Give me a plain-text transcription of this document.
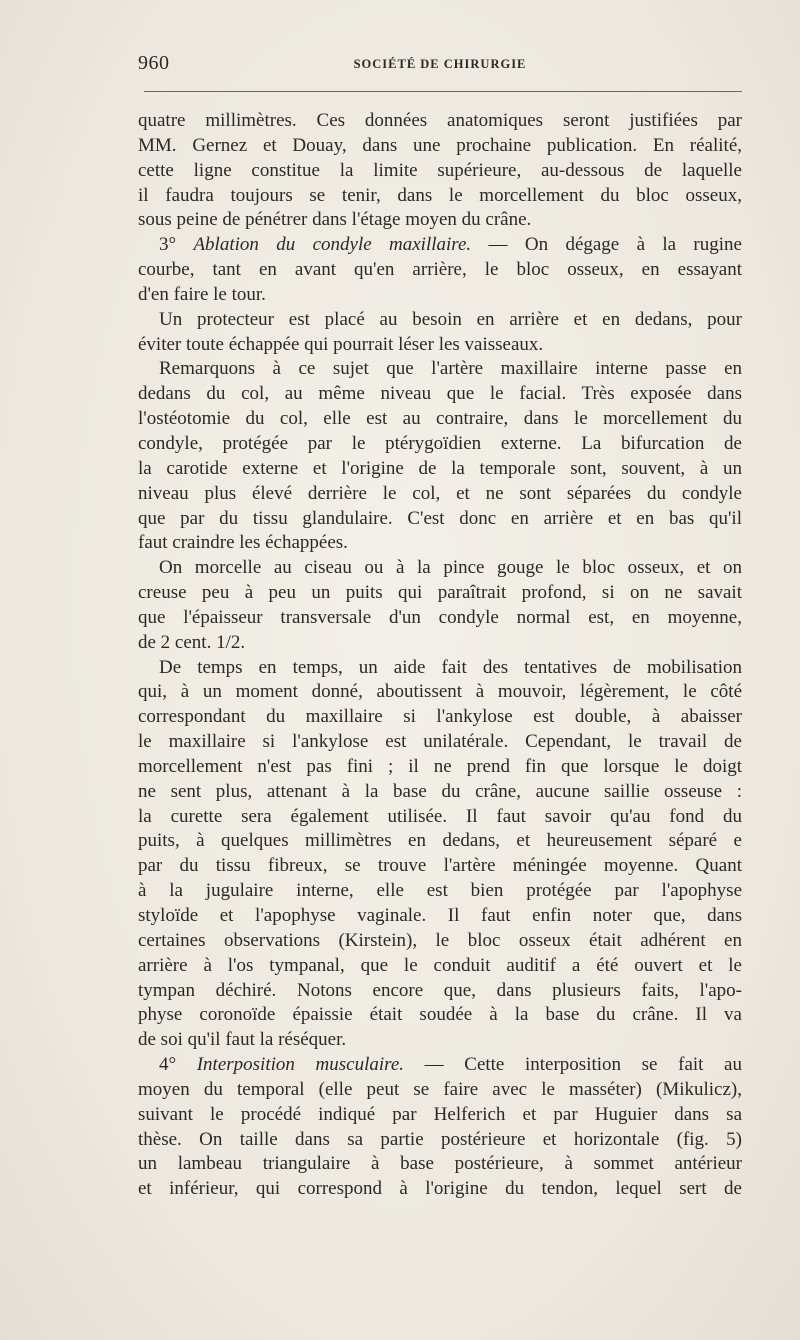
960	SOCIÉTÉ DE CHIRURGIE
quatre millimètres. Ces données anatomiques seront justifiées par
MM. Gernez et Douay, dans une prochaine publication. En réalité,
cette ligne constitue la limite supérieure, au-dessous de laquelle
il faudra toujours se tenir, dans le morcellement du bloc osseux,
sous peine de pénétrer dans l'étage moyen du crâne.
3° Ablation du condyle maxillaire. — On dégage à la rugine
courbe, tant en avant qu'en arrière, le bloc osseux, en essayant
d'en faire le tour.
Un protecteur est placé au besoin en arrière et en dedans, pour
éviter toute échappée qui pourrait léser les vaisseaux.
Remarquons à ce sujet que l'artère maxillaire interne passe en
dedans du col, au même niveau que le facial. Très exposée dans
l'ostéotomie du col, elle est au contraire, dans le morcellement du
condyle, protégée par le ptérygoïdien externe. La bifurcation de
la carotide externe et l'origine de la temporale sont, souvent, à un
niveau plus élevé derrière le col, et ne sont séparées du condyle
que par du tissu glandulaire. C'est donc en arrière et en bas qu'il
faut craindre les échappées.
On morcelle au ciseau ou à la pince gouge le bloc osseux, et on
creuse peu à peu un puits qui paraîtrait profond, si on ne savait
que l'épaisseur transversale d'un condyle normal est, en moyenne,
de 2 cent. 1/2.
De temps en temps, un aide fait des tentatives de mobilisation
qui, à un moment donné, aboutissent à mouvoir, légèrement, le côté
correspondant du maxillaire si l'ankylose est double, à abaisser
le maxillaire si l'ankylose est unilatérale. Cependant, le travail de
morcellement n'est pas fini ; il ne prend fin que lorsque le doigt
ne sent plus, attenant à la base du crâne, aucune saillie osseuse :
la curette sera également utilisée. Il faut savoir qu'au fond du
puits, à quelques millimètres en dedans, et heureusement séparé e
par du tissu fibreux, se trouve l'artère méningée moyenne. Quant
à la jugulaire interne, elle est bien protégée par l'apophyse
styloïde et l'apophyse vaginale. Il faut enfin noter que, dans
certaines observations (Kirstein), le bloc osseux était adhérent en
arrière à l'os tympanal, que le conduit auditif a été ouvert et le
tympan déchiré. Notons encore que, dans plusieurs faits, l'apo-
physe coronoïde épaissie était soudée à la base du crâne. Il va
de soi qu'il faut la réséquer.
4° Interposition musculaire. — Cette interposition se fait au
moyen du temporal (elle peut se faire avec le masséter) (Mikulicz),
suivant le procédé indiqué par Helferich et par Huguier dans sa
thèse. On taille dans sa partie postérieure et horizontale (fig. 5)
un lambeau triangulaire à base postérieure, à sommet antérieur
et inférieur, qui correspond à l'origine du tendon, lequel sert de
